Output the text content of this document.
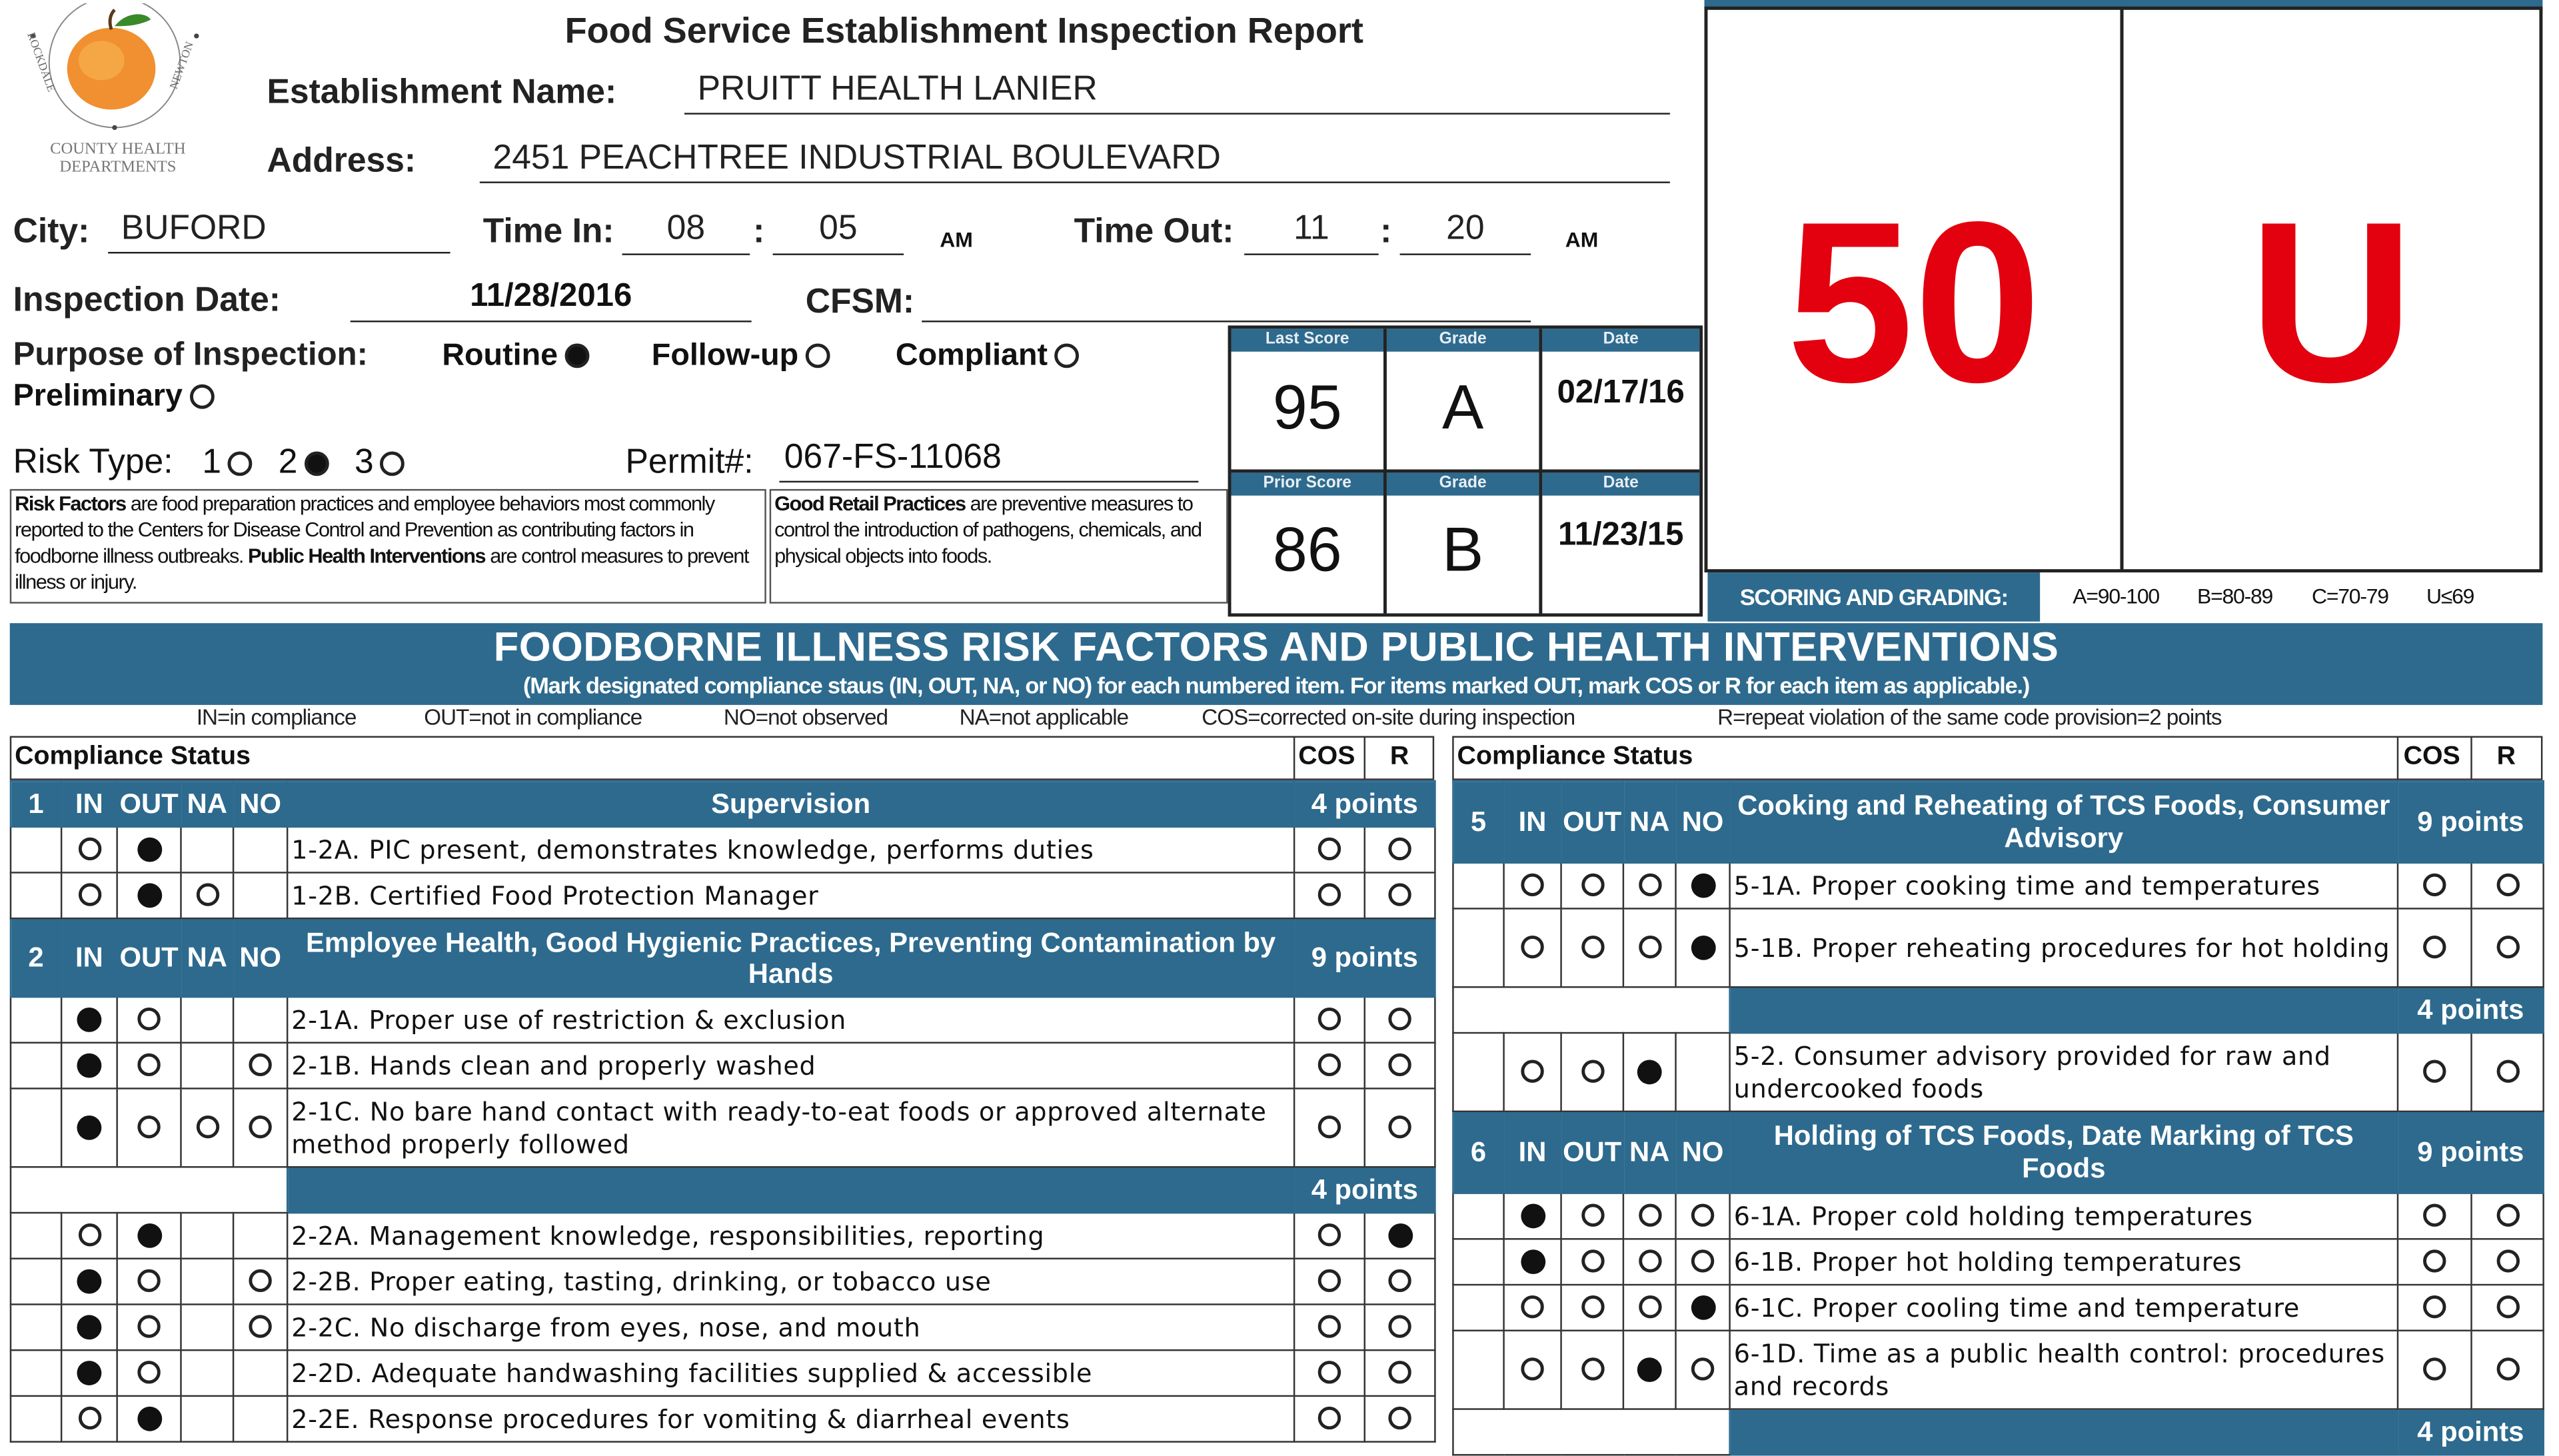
ROCKDALE	NEWTON
COUNTY HEALTH DEPARTMENTS
Food Service Establishment Inspection Report
Establishment Name:	PRUITT HEALTH LANIER
Address:	2451 PEACHTREE INDUSTRIAL BOULEVARD
City:	BUFORD	Time In:	08	:	05	AM	Time Out:	11	:	20	AM
Inspection Date:	11/28/2016	CFSM:
Purpose of Inspection:	Routine	Follow-up	Compliant
Preliminary
Risk Type: 1	2	3	Permit#:	067-FS-11068
Risk Factors are food preparation practices and employee behaviors most commonly reported to the Centers for Disease Control and Prevention as contributing factors in foodborne illness outbreaks. Public Health Interventions are control measures to prevent illness or injury.
Good Retail Practices are preventive measures to control the introduction of pathogens, chemicals, and physical objects into foods.
Last Score	Grade	Date
Prior Score	Grade	Date
95	A	02/17/16
86	B	11/23/15
50	U
SCORING AND GRADING:	A=90-100	B=80-89	C=70-79	U≤69
FOODBORNE ILLNESS RISK FACTORS AND PUBLIC HEALTH INTERVENTIONS
(Mark designated compliance staus (IN, OUT, NA, or NO) for each numbered item. For items marked OUT, mark COS or R for each item as applicable.)
IN=in compliance	OUT=not in compliance	NO=not observed	NA=not applicable	COS=corrected on-site during inspection	R=repeat violation of the same code provision=2 points
Compliance Status	COS	R	Compliance Status	COS	R
1	IN	OUT	NA	NO	Supervision	4 points	
					1-2A. PIC present, demonstrates knowledge, performs duties		
					1-2B. Certified Food Protection Manager		
2	IN	OUT	NA	NO	Employee Health, Good Hygienic Practices, Preventing Contamination by Hands	9 points	
					2-1A. Proper use of restriction & exclusion		
					2-1B. Hands clean and properly washed		
					2-1C. No bare hand contact with ready-to-eat foods or approved alternate method properly followed		
						4 points	
					2-2A. Management knowledge, responsibilities, reporting		
					2-2B. Proper eating, tasting, drinking, or tobacco use		
					2-2C. No discharge from eyes, nose, and mouth		
					2-2D. Adequate handwashing facilities supplied & accessible		
					2-2E. Response procedures for vomiting & diarrheal events		
5	IN	OUT	NA	NO	Cooking and Reheating of TCS Foods, Consumer Advisory	9 points	
					5-1A. Proper cooking time and temperatures		
					5-1B. Proper reheating procedures for hot holding		
						4 points	
					5-2. Consumer advisory provided for raw and undercooked foods		
6	IN	OUT	NA	NO	Holding of TCS Foods, Date Marking of TCS Foods	9 points	
					6-1A. Proper cold holding temperatures		
					6-1B. Proper hot holding temperatures		
					6-1C. Proper cooling time and temperature		
					6-1D. Time as a public health control: procedures and records		
						4 points	
